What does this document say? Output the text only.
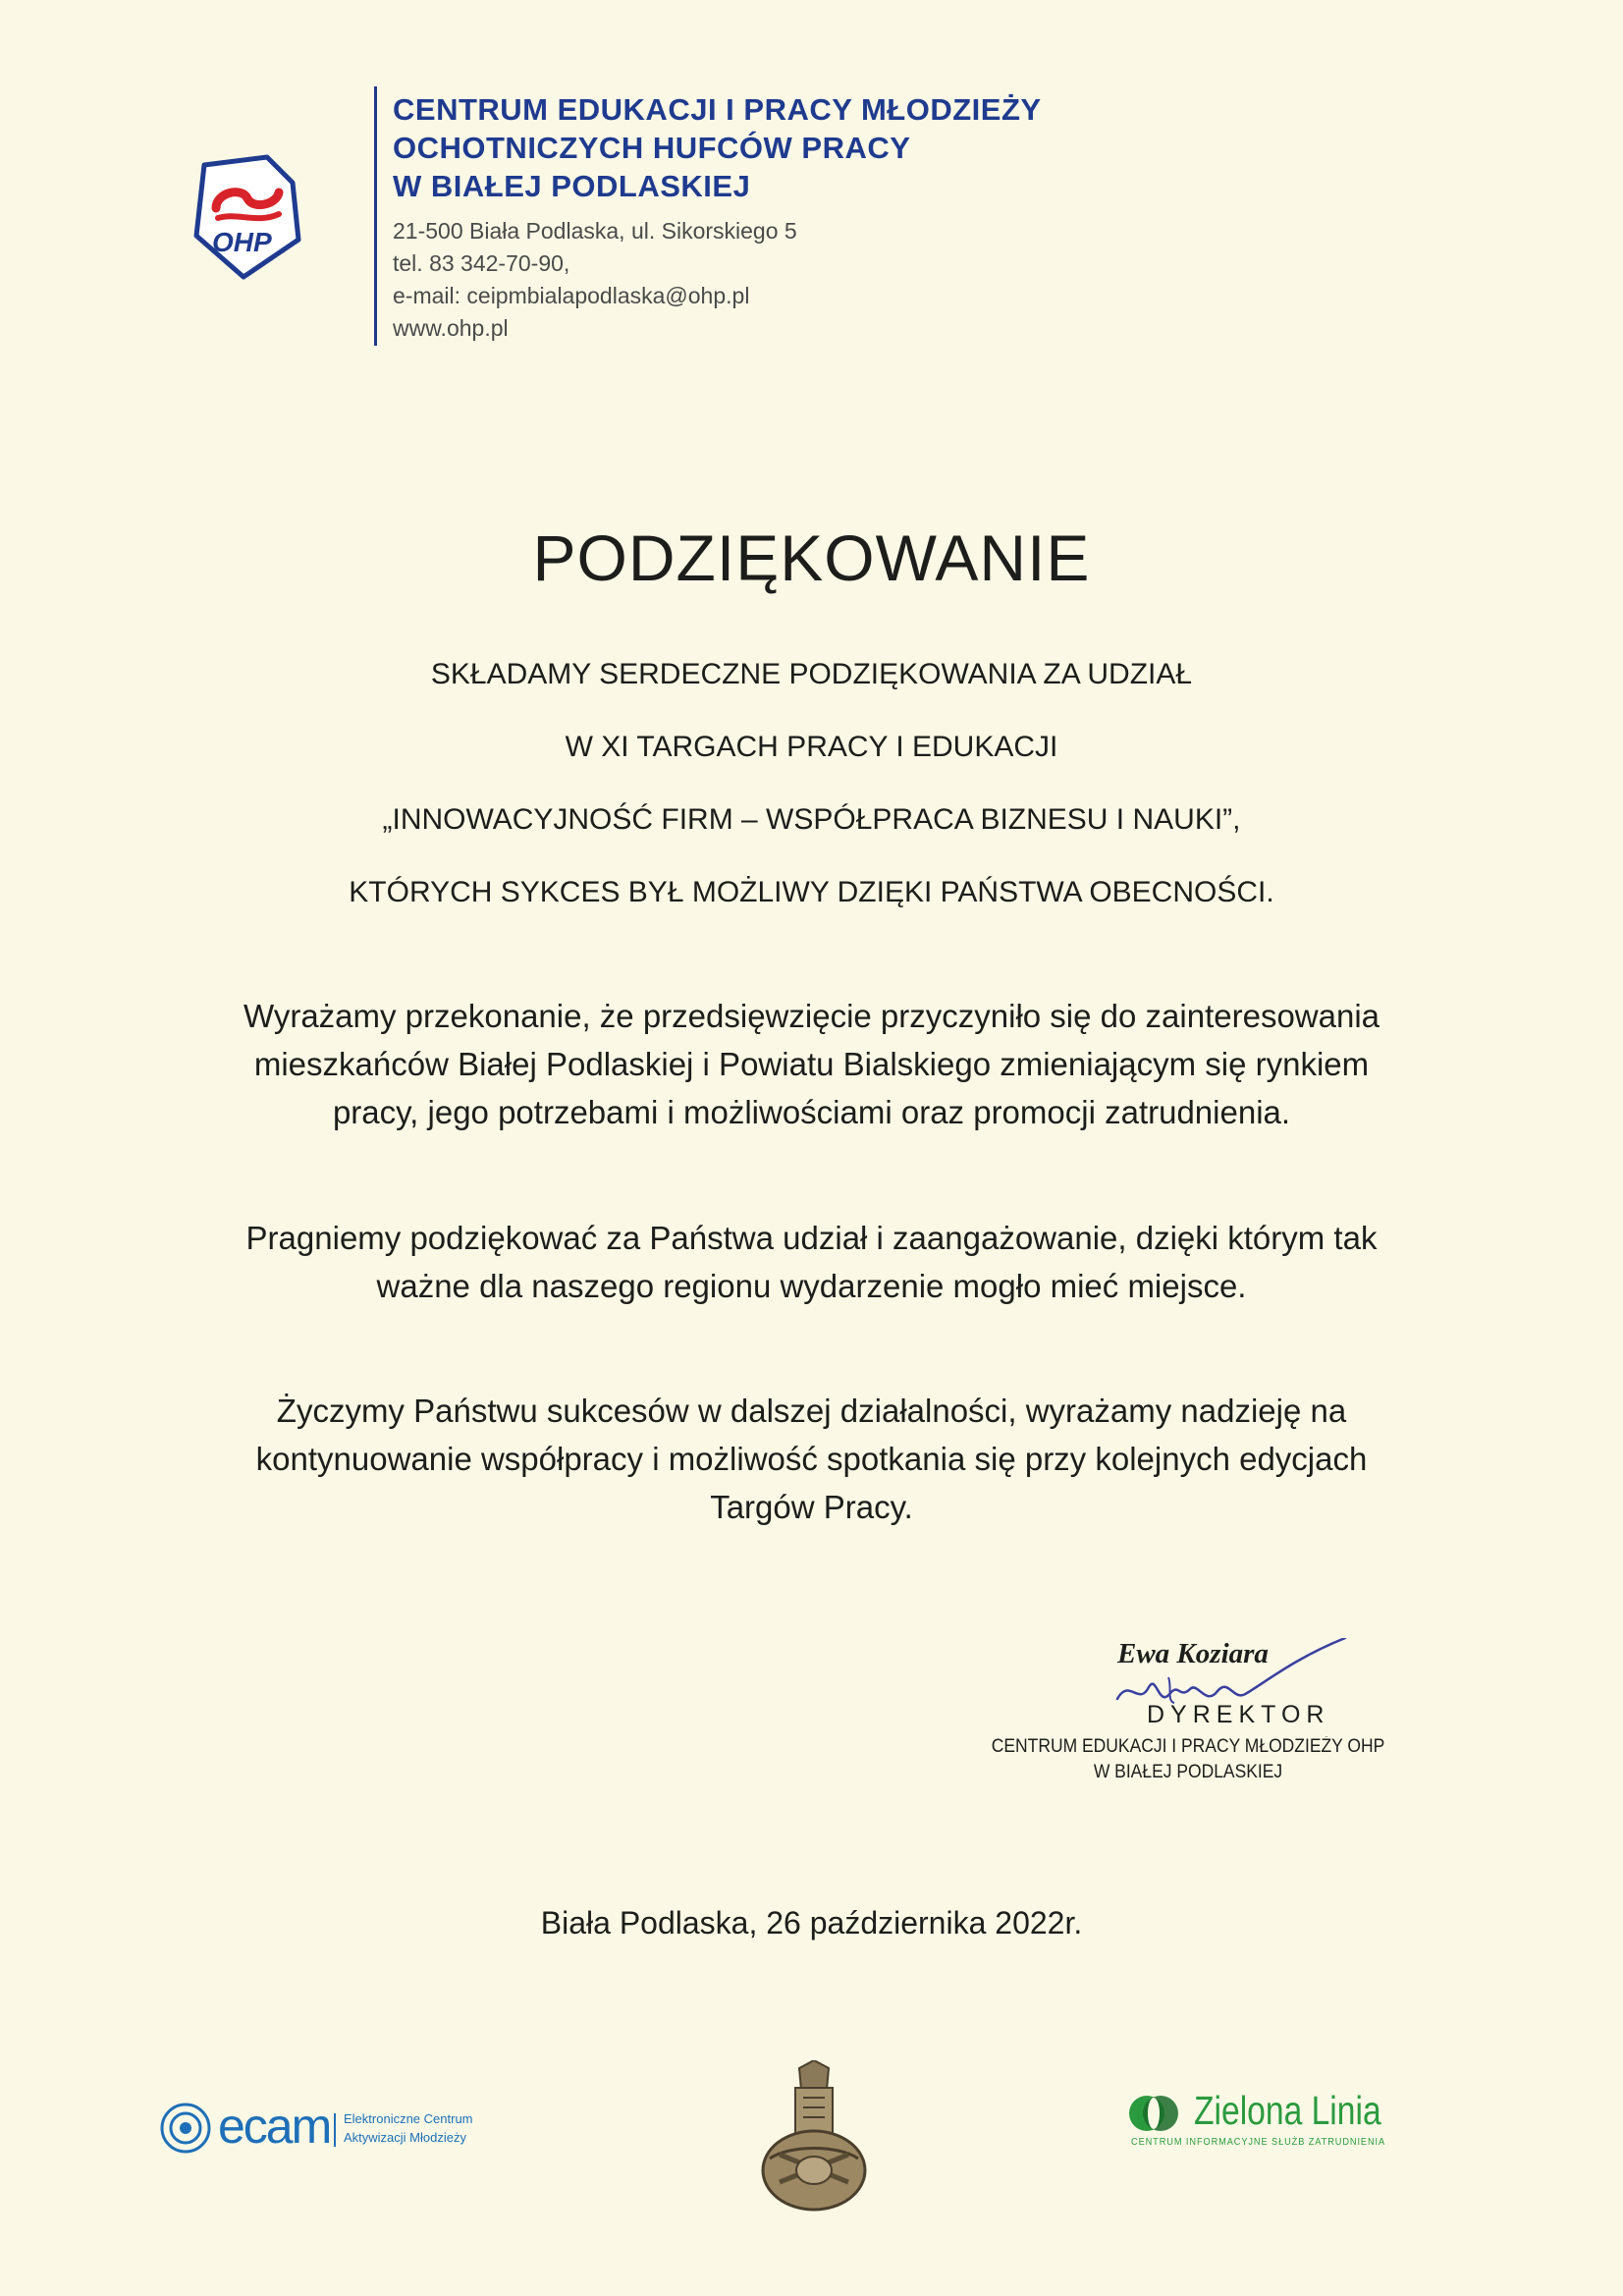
OHP
CENTRUM EDUKACJI I PRACY MŁODZIEŻY
OCHOTNICZYCH HUFCÓW PRACY
W BIAŁEJ PODLASKIEJ
21-500 Biała Podlaska, ul. Sikorskiego 5
tel. 83 342-70-90,
e-mail: ceipmbialapodlaska@ohp.pl
www.ohp.pl
PODZIĘKOWANIE
SKŁADAMY SERDECZNE PODZIĘKOWANIA ZA UDZIAŁ
W XI TARGACH PRACY I EDUKACJI
„INNOWACYJNOŚĆ FIRM – WSPÓŁPRACA BIZNESU I NAUKI”,
KTÓRYCH SYKCES BYŁ MOŻLIWY DZIĘKI PAŃSTWA OBECNOŚCI.
Wyrażamy przekonanie, że przedsięwzięcie przyczyniło się do zainteresowania
mieszkańców Białej Podlaskiej i Powiatu Bialskiego zmieniającym się rynkiem
pracy, jego potrzebami i możliwościami oraz promocji zatrudnienia.
Pragniemy podziękować za Państwa udział i zaangażowanie, dzięki którym tak
ważne dla naszego regionu wydarzenie mogło mieć miejsce.
Życzymy Państwu sukcesów w dalszej działalności, wyrażamy nadzieję na
kontynuowanie współpracy i możliwość spotkania się przy kolejnych edycjach
Targów Pracy.
Ewa Koziara
DYREKTOR
CENTRUM EDUKACJI I PRACY MŁODZIEŻY OHP
W BIAŁEJ PODLASKIEJ
Biała Podlaska, 26 października 2022r.
ecam Elektroniczne Centrum
Aktywizacji Młodzieży
Zielona Linia
CENTRUM INFORMACYJNE SŁUŻB ZATRUDNIENIA
